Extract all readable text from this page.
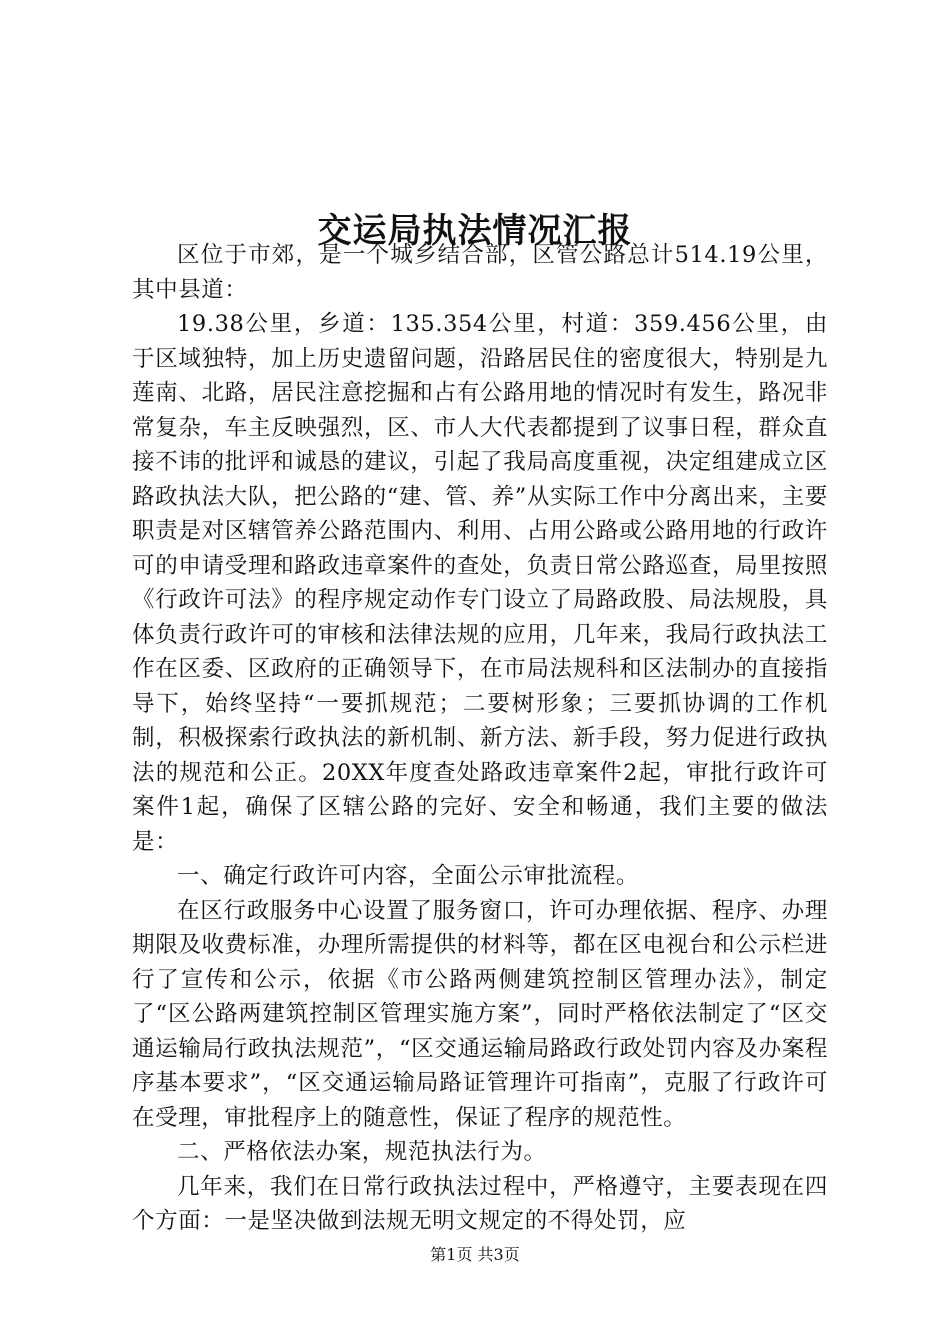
交运局执法情况汇报

区位于市郊，是一个城乡结合部，区管公路总计514.19公里，其中县道：

19.38公里，乡道：135.354公里，村道：359.456公里，由于区域独特，加上历史遗留问题，沿路居民住的密度很大，特别是九莲南、北路，居民注意挖掘和占有公路用地的情况时有发生，路况非常复杂，车主反映强烈，区、市人大代表都提到了议事日程，群众直接不讳的批评和诚恳的建议，引起了我局高度重视，决定组建成立区路政执法大队，把公路的“建、管、养”从实际工作中分离出来，主要职责是对区辖管养公路范围内、利用、占用公路或公路用地的行政许可的申请受理和路政违章案件的查处，负责日常公路巡查，局里按照《行政许可法》的程序规定动作专门设立了局路政股、局法规股，具体负责行政许可的审核和法律法规的应用，几年来，我局行政执法工作在区委、区政府的正确领导下，在市局法规科和区法制办的直接指导下，始终坚持“一要抓规范；二要树形象；三要抓协调的工作机制，积极探索行政执法的新机制、新方法、新手段，努力促进行政执法的规范和公正。20XX年度查处路政违章案件2起，审批行政许可案件1起，确保了区辖公路的完好、安全和畅通，我们主要的做法是：

一、确定行政许可内容，全面公示审批流程。

在区行政服务中心设置了服务窗口，许可办理依据、程序、办理期限及收费标准，办理所需提供的材料等，都在区电视台和公示栏进行了宣传和公示，依据《市公路两侧建筑控制区管理办法》，制定了“区公路两建筑控制区管理实施方案”，同时严格依法制定了“区交通运输局行政执法规范”，“区交通运输局路政行政处罚内容及办案程序基本要求”，“区交通运输局路证管理许可指南”，克服了行政许可在受理，审批程序上的随意性，保证了程序的规范性。

二、严格依法办案，规范执法行为。

几年来，我们在日常行政执法过程中，严格遵守，主要表现在四个方面：一是坚决做到法规无明文规定的不得处罚，应

第1页 共3页
